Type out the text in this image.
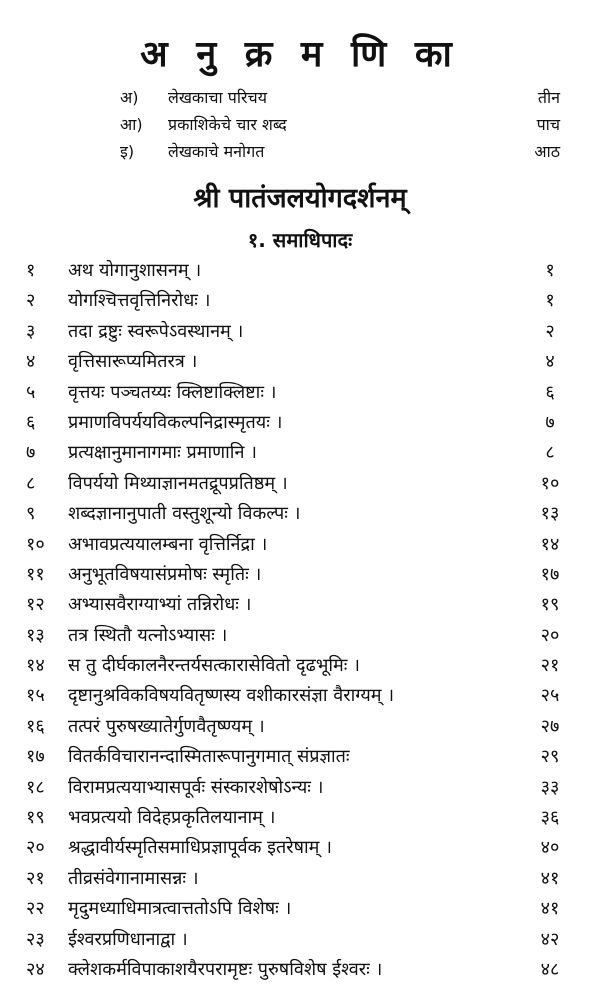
अ नु क्र म णि का
अ) लेखकाचा परिचय	तीन
आ) प्रकाशिकेचे चार शब्द	पाच
इ) लेखकाचे मनोगत	आठ
श्री पातंजलयोगदर्शनम्
१. समाधिपादः
१	अथ योगानुशासनम् ।	१
२	योगश्चित्तवृत्तिनिरोधः ।	१
३	तदा द्रष्टुः स्वरूपेऽवस्थानम् ।	२
४	वृत्तिसारूप्यमितरत्र ।	४
५	वृत्तयः पञ्चतय्यः क्लिष्टाक्लिष्टाः ।	६
६	प्रमाणविपर्ययविकल्पनिद्रास्मृतयः ।	७
७	प्रत्यक्षानुमानागमाः प्रमाणानि ।	८
८	विपर्ययो मिथ्याज्ञानमतद्रूपप्रतिष्ठम् ।	१०
९	शब्दज्ञानानुपाती वस्तुशून्यो विकल्पः ।	१३
१०	अभावप्रत्ययालम्बना वृत्तिर्निद्रा ।	१४
११	अनुभूतविषयासंप्रमोषः स्मृतिः ।	१७
१२	अभ्यासवैराग्याभ्यां तन्निरोधः ।	१९
१३	तत्र स्थितौ यत्नोऽभ्यासः ।	२०
१४	स तु दीर्घकालनैरन्तर्यसत्कारासेवितो दृढभूमिः ।	२१
१५	दृष्टानुश्रविकविषयवितृष्णस्य वशीकारसंज्ञा वैराग्यम् ।	२५
१६	तत्परं पुरुषख्यातेर्गुणवैतृष्ण्यम् ।	२७
१७	वितर्कविचारानन्दास्मितारूपानुगमात् संप्रज्ञातः	२९
१८	विरामप्रत्ययाभ्यासपूर्वः संस्कारशेषोऽन्यः ।	३३
१९	भवप्रत्ययो विदेहप्रकृतिलयानाम् ।	३६
२०	श्रद्धावीर्यस्मृतिसमाधिप्रज्ञापूर्वक इतरेषाम् ।	४०
२१	तीव्रसंवेगानामासन्नः ।	४१
२२	मृदुमध्याधिमात्रत्वात्ततोऽपि विशेषः ।	४१
२३	ईश्वरप्रणिधानाद्वा ।	४२
२४	क्लेशकर्मविपाकाशयैरपरामृष्टः पुरुषविशेष ईश्वरः ।	४८
